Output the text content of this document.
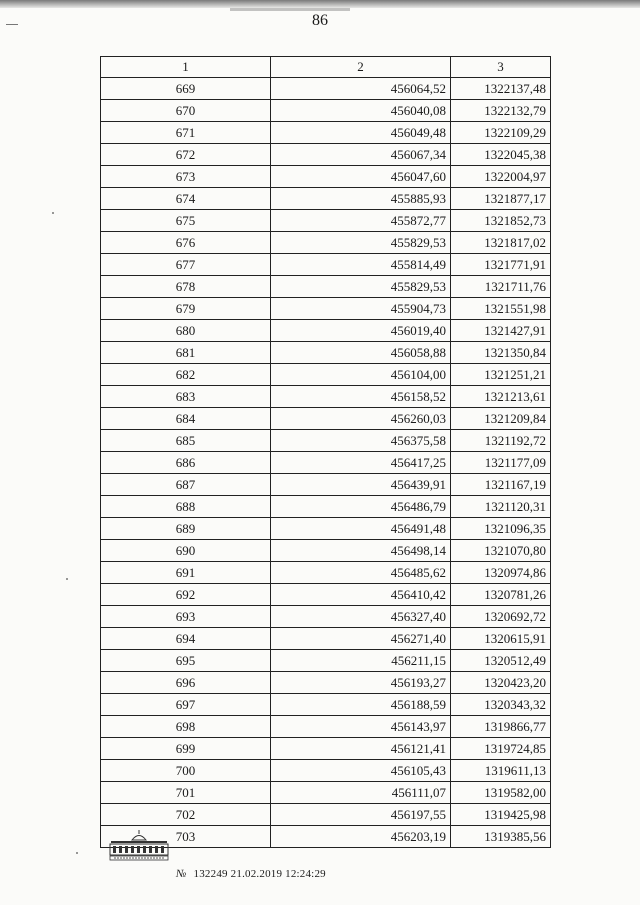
86
1	2	3
669	456064,52	1322137,48
670	456040,08	1322132,79
671	456049,48	1322109,29
672	456067,34	1322045,38
673	456047,60	1322004,97
674	455885,93	1321877,17
675	455872,77	1321852,73
676	455829,53	1321817,02
677	455814,49	1321771,91
678	455829,53	1321711,76
679	455904,73	1321551,98
680	456019,40	1321427,91
681	456058,88	1321350,84
682	456104,00	1321251,21
683	456158,52	1321213,61
684	456260,03	1321209,84
685	456375,58	1321192,72
686	456417,25	1321177,09
687	456439,91	1321167,19
688	456486,79	1321120,31
689	456491,48	1321096,35
690	456498,14	1321070,80
691	456485,62	1320974,86
692	456410,42	1320781,26
693	456327,40	1320692,72
694	456271,40	1320615,91
695	456211,15	1320512,49
696	456193,27	1320423,20
697	456188,59	1320343,32
698	456143,97	1319866,77
699	456121,41	1319724,85
700	456105,43	1319611,13
701	456111,07	1319582,00
702	456197,55	1319425,98
703	456203,19	1319385,56
№ 132249 21.02.2019 12:24:29
